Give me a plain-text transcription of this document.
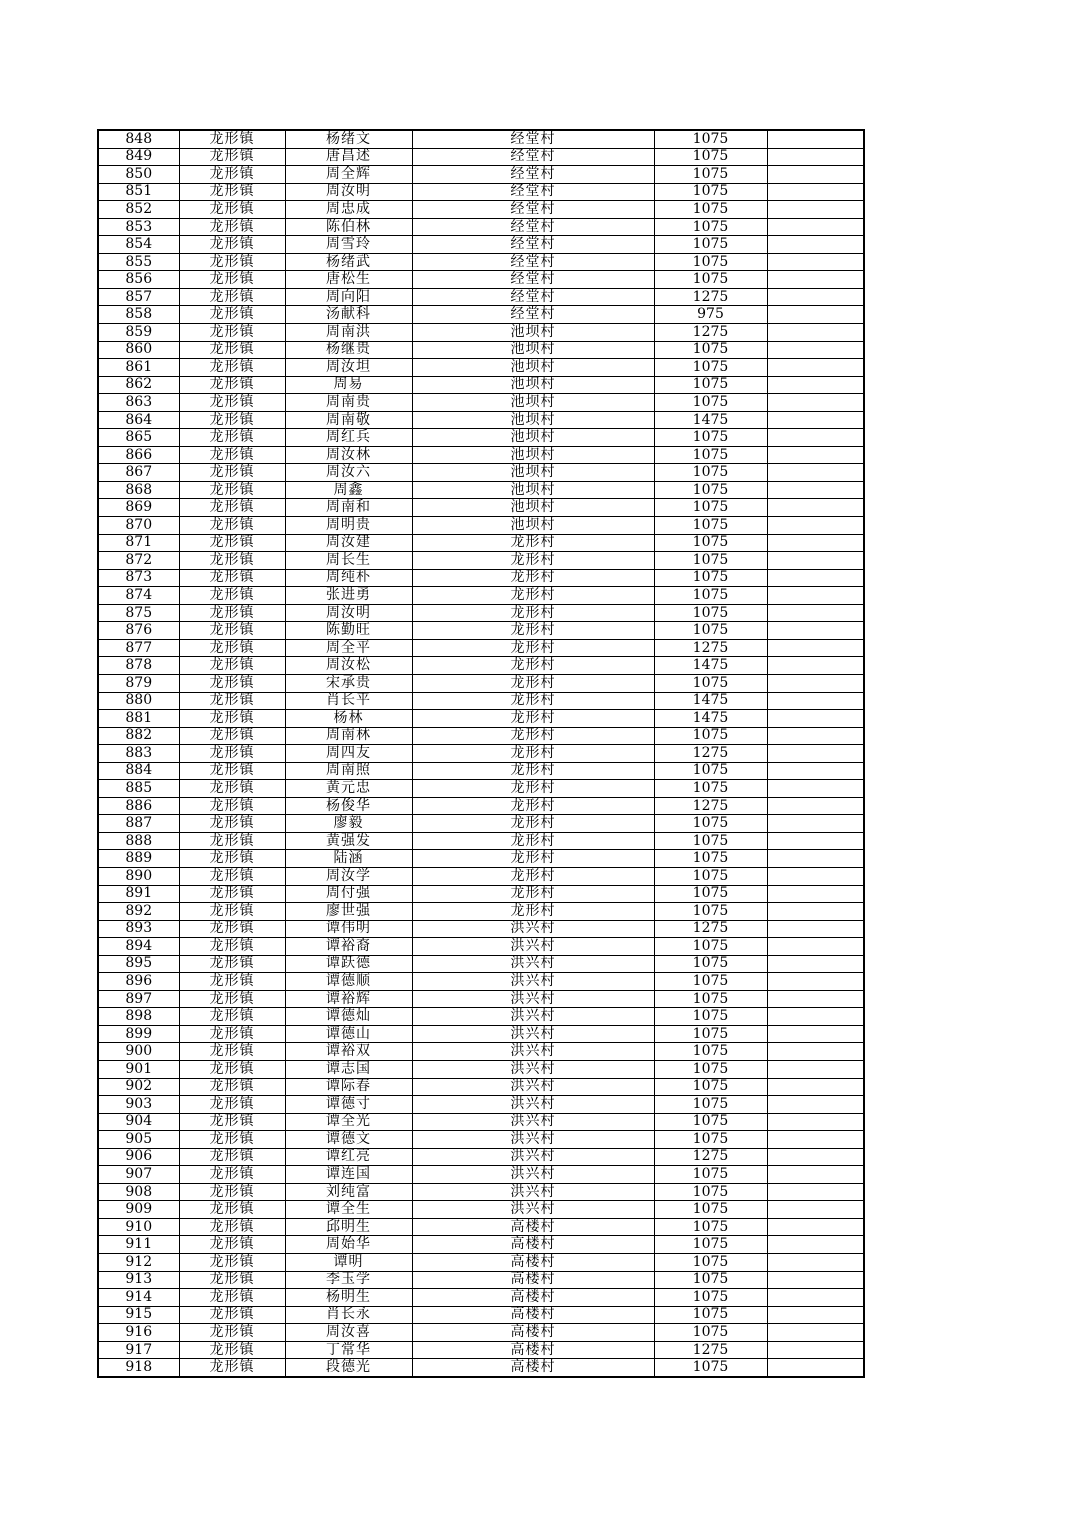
848	龙形镇	杨绪文	经堂村	1075	
849	龙形镇	唐昌述	经堂村	1075	
850	龙形镇	周全辉	经堂村	1075	
851	龙形镇	周汝明	经堂村	1075	
852	龙形镇	周忠成	经堂村	1075	
853	龙形镇	陈伯林	经堂村	1075	
854	龙形镇	周雪玲	经堂村	1075	
855	龙形镇	杨绪武	经堂村	1075	
856	龙形镇	唐松生	经堂村	1075	
857	龙形镇	周向阳	经堂村	1275	
858	龙形镇	汤献科	经堂村	975	
859	龙形镇	周南洪	池坝村	1275	
860	龙形镇	杨继贵	池坝村	1075	
861	龙形镇	周汝坦	池坝村	1075	
862	龙形镇	周易	池坝村	1075	
863	龙形镇	周南贵	池坝村	1075	
864	龙形镇	周南敬	池坝村	1475	
865	龙形镇	周红兵	池坝村	1075	
866	龙形镇	周汝林	池坝村	1075	
867	龙形镇	周汝六	池坝村	1075	
868	龙形镇	周鑫	池坝村	1075	
869	龙形镇	周南和	池坝村	1075	
870	龙形镇	周明贵	池坝村	1075	
871	龙形镇	周汝建	龙形村	1075	
872	龙形镇	周长生	龙形村	1075	
873	龙形镇	周纯朴	龙形村	1075	
874	龙形镇	张进勇	龙形村	1075	
875	龙形镇	周汝明	龙形村	1075	
876	龙形镇	陈勤旺	龙形村	1075	
877	龙形镇	周全平	龙形村	1275	
878	龙形镇	周汝松	龙形村	1475	
879	龙形镇	宋承贵	龙形村	1075	
880	龙形镇	肖长平	龙形村	1475	
881	龙形镇	杨林	龙形村	1475	
882	龙形镇	周南林	龙形村	1075	
883	龙形镇	周四友	龙形村	1275	
884	龙形镇	周南照	龙形村	1075	
885	龙形镇	黄元忠	龙形村	1075	
886	龙形镇	杨俊华	龙形村	1275	
887	龙形镇	廖毅	龙形村	1075	
888	龙形镇	黄强发	龙形村	1075	
889	龙形镇	陆涵	龙形村	1075	
890	龙形镇	周汝学	龙形村	1075	
891	龙形镇	周付强	龙形村	1075	
892	龙形镇	廖世强	龙形村	1075	
893	龙形镇	谭伟明	洪兴村	1275	
894	龙形镇	谭裕裔	洪兴村	1075	
895	龙形镇	谭跃德	洪兴村	1075	
896	龙形镇	谭德顺	洪兴村	1075	
897	龙形镇	谭裕辉	洪兴村	1075	
898	龙形镇	谭德灿	洪兴村	1075	
899	龙形镇	谭德山	洪兴村	1075	
900	龙形镇	谭裕双	洪兴村	1075	
901	龙形镇	谭志国	洪兴村	1075	
902	龙形镇	谭际春	洪兴村	1075	
903	龙形镇	谭德寸	洪兴村	1075	
904	龙形镇	谭全光	洪兴村	1075	
905	龙形镇	谭德文	洪兴村	1075	
906	龙形镇	谭红亮	洪兴村	1275	
907	龙形镇	谭连国	洪兴村	1075	
908	龙形镇	刘纯富	洪兴村	1075	
909	龙形镇	谭全生	洪兴村	1075	
910	龙形镇	邱明生	高楼村	1075	
911	龙形镇	周始华	高楼村	1075	
912	龙形镇	谭明	高楼村	1075	
913	龙形镇	李玉学	高楼村	1075	
914	龙形镇	杨明生	高楼村	1075	
915	龙形镇	肖长永	高楼村	1075	
916	龙形镇	周汝喜	高楼村	1075	
917	龙形镇	丁常华	高楼村	1275	
918	龙形镇	段德光	高楼村	1075	
